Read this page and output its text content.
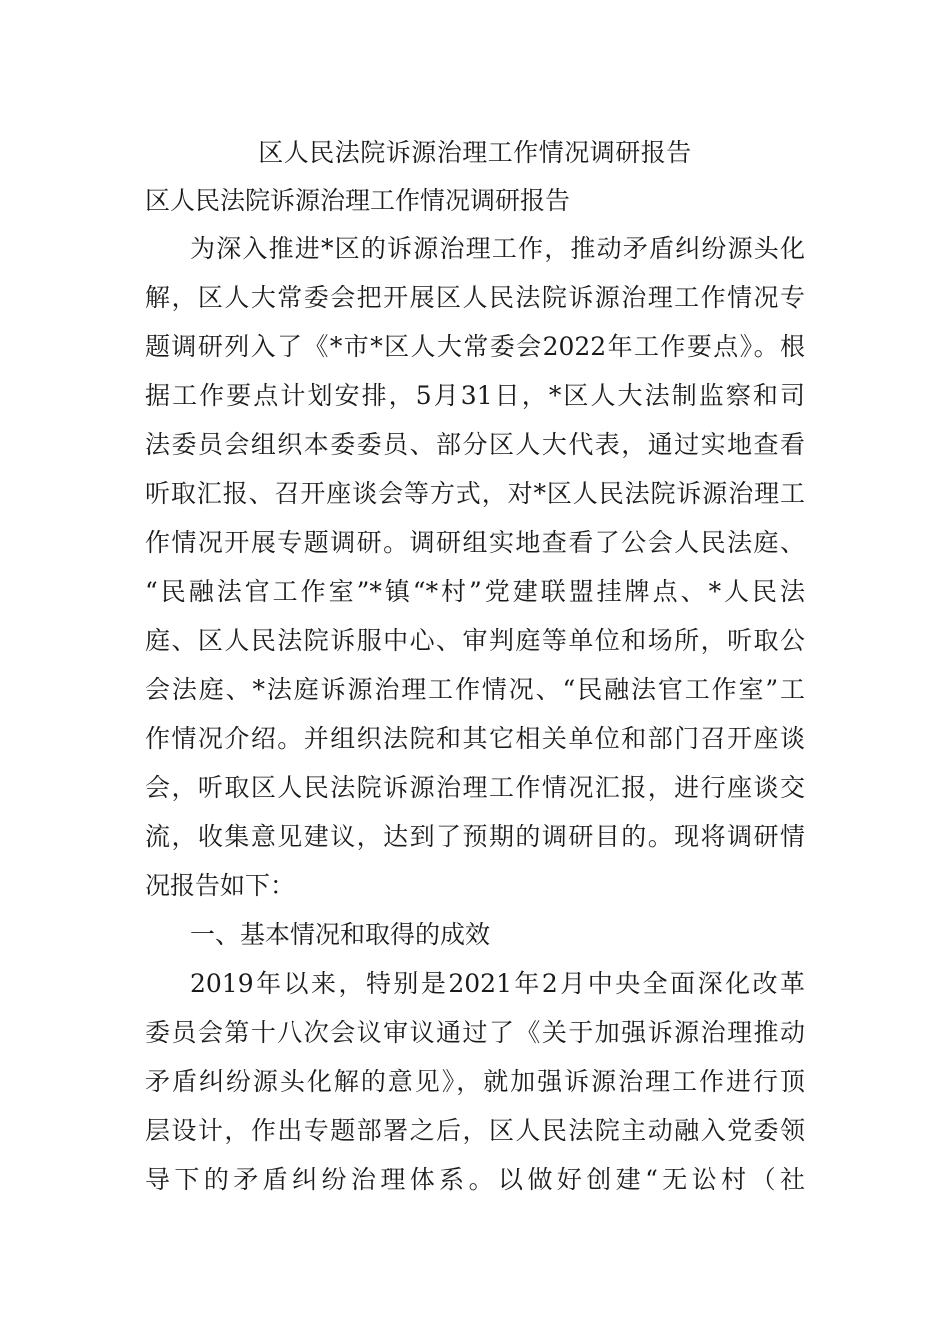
区人民法院诉源治理工作情况调研报告
区人民法院诉源治理工作情况调研报告
为深入推进*区的诉源治理工作，推动矛盾纠纷源头化
解，区人大常委会把开展区人民法院诉源治理工作情况专
题调研列入了《*市*区人大常委会2022年工作要点》。根
据工作要点计划安排，5月31日，*区人大法制监察和司
法委员会组织本委委员、部分区人大代表，通过实地查看
听取汇报、召开座谈会等方式，对*区人民法院诉源治理工
作情况开展专题调研。调研组实地查看了公会人民法庭、
“民融法官工作室”*镇“*村”党建联盟挂牌点、*人民法
庭、区人民法院诉服中心、审判庭等单位和场所，听取公
会法庭、*法庭诉源治理工作情况、“民融法官工作室”工
作情况介绍。并组织法院和其它相关单位和部门召开座谈
会，听取区人民法院诉源治理工作情况汇报，进行座谈交
流，收集意见建议，达到了预期的调研目的。现将调研情
况报告如下：
一、基本情况和取得的成效
2019年以来，特别是2021年2月中央全面深化改革
委员会第十八次会议审议通过了《关于加强诉源治理推动
矛盾纠纷源头化解的意见》，就加强诉源治理工作进行顶
层设计，作出专题部署之后，区人民法院主动融入党委领
导下的矛盾纠纷治理体系。以做好创建“无讼村（社
